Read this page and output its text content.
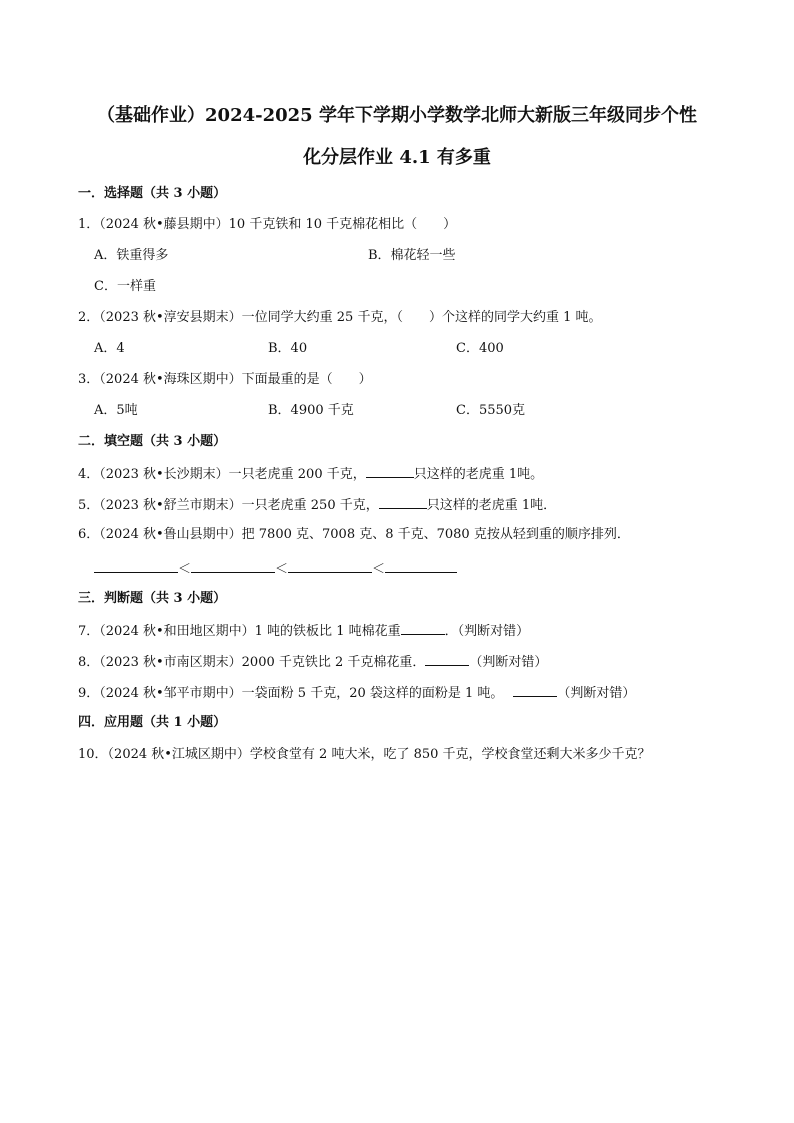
（基础作业）2024-2025 学年下学期小学数学北师大新版三年级同步个性
化分层作业 4.1 有多重
一．选择题（共 3 小题）
1．（2024 秋•藤县期中）10 千克铁和 10 千克棉花相比（　　）
A．铁重得多	B．棉花轻一些
C．一样重
2．（2023 秋•淳安县期末）一位同学大约重 25 千克，（　　）个这样的同学大约重 1 吨。
A．4	B．40	C．400
3．（2024 秋•海珠区期中）下面最重的是（　　）
A．5吨	B．4900 千克	C．5550克
二．填空题（共 3 小题）
4．（2023 秋•长沙期末）一只老虎重 200 千克，	只这样的老虎重 1吨。
5．（2023 秋•舒兰市期末）一只老虎重 250 千克，	只这样的老虎重 1吨．
6．（2024 秋•鲁山县期中）把 7800 克、7008 克、8 千克、7080 克按从轻到重的顺序排列．
＜	＜	＜
三．判断题（共 3 小题）
7．（2024 秋•和田地区期中）1 吨的铁板比 1 吨棉花重	．（判断对错）
8．（2023 秋•市南区期末）2000 千克铁比 2 千克棉花重．	（判断对错）
9．（2024 秋•邹平市期中）一袋面粉 5 千克，20 袋这样的面粉是 1 吨。	（判断对错）
四．应用题（共 1 小题）
10．（2024 秋•江城区期中）学校食堂有 2 吨大米，吃了 850 千克，学校食堂还剩大米多少千克？
